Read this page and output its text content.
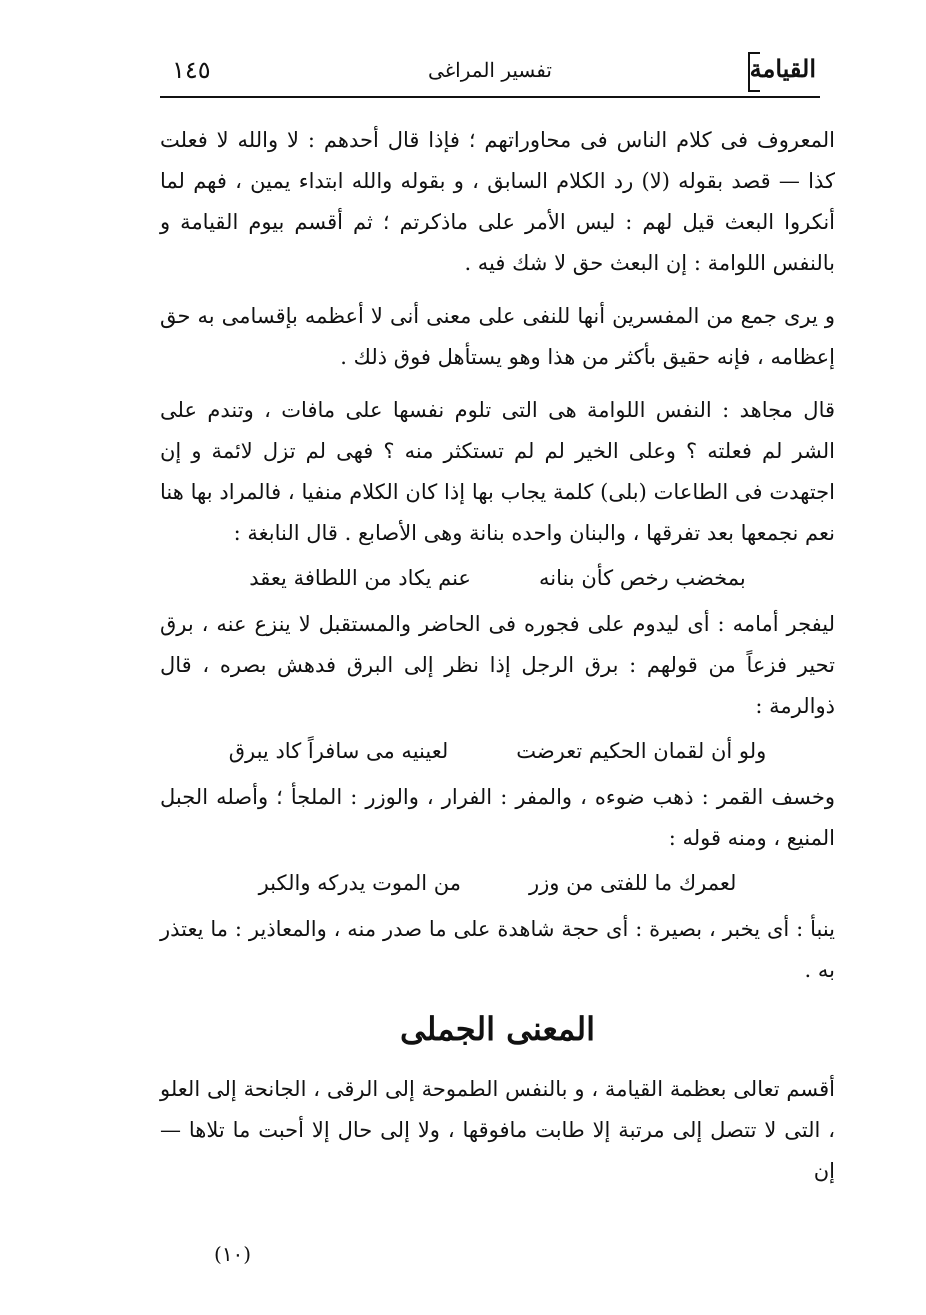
١٤٥	تفسير المراغى	القيامة

المعروف فى كلام الناس فى محاوراتهم ؛ فإذا قال أحدهم : لا والله لا فعلت كذا — قصد بقوله (لا) رد الكلام السابق ، و بقوله والله ابتداء يمين ، فهم لما أنكروا البعث قيل لهم : ليس الأمر على ماذكرتم ؛ ثم أقسم بيوم القيامة و بالنفس اللوامة : إن البعث حق لا شك فيه .

و يرى جمع من المفسرين أنها للنفى على معنى أنى لا أعظمه بإقسامى به حق إعظامه ، فإنه حقيق بأكثر من هذا وهو يستأهل فوق ذلك .

قال مجاهد : النفس اللوامة هى التى تلوم نفسها على مافات ، وتندم على الشر لم فعلته ؟ وعلى الخير لم لم تستكثر منه ؟ فهى لم تزل لائمة و إن اجتهدت فى الطاعات (بلى) كلمة يجاب بها إذا كان الكلام منفيا ، فالمراد بها هنا نعم نجمعها بعد تفرقها ، والبنان واحده بنانة وهى الأصابع . قال النابغة :

بمخضب رخص كأن بنانهعنم يكاد من اللطافة يعقد

ليفجر أمامه : أى ليدوم على فجوره فى الحاضر والمستقبل لا ينزع عنه ، برق تحير فزعاً من قولهم : برق الرجل إذا نظر إلى البرق فدهش بصره ، قال ذوالرمة :

ولو أن لقمان الحكيم تعرضتلعينيه مى سافراً كاد يبرق

وخسف القمر : ذهب ضوءه ، والمفر : الفرار ، والوزر : الملجأ ؛ وأصله الجبل المنيع ، ومنه قوله :

لعمرك ما للفتى من وزرمن الموت يدركه والكبر

ينبأ : أى يخبر ، بصيرة : أى حجة شاهدة على ما صدر منه ، والمعاذير : ما يعتذر به .

المعنى الجملى

أقسم تعالى بعظمة القيامة ، و بالنفس الطموحة إلى الرقى ، الجانحة إلى العلو ، التى لا تتصل إلى مرتبة إلا طابت مافوقها ، ولا إلى حال إلا أحبت ما تلاها — إن

(١٠)
